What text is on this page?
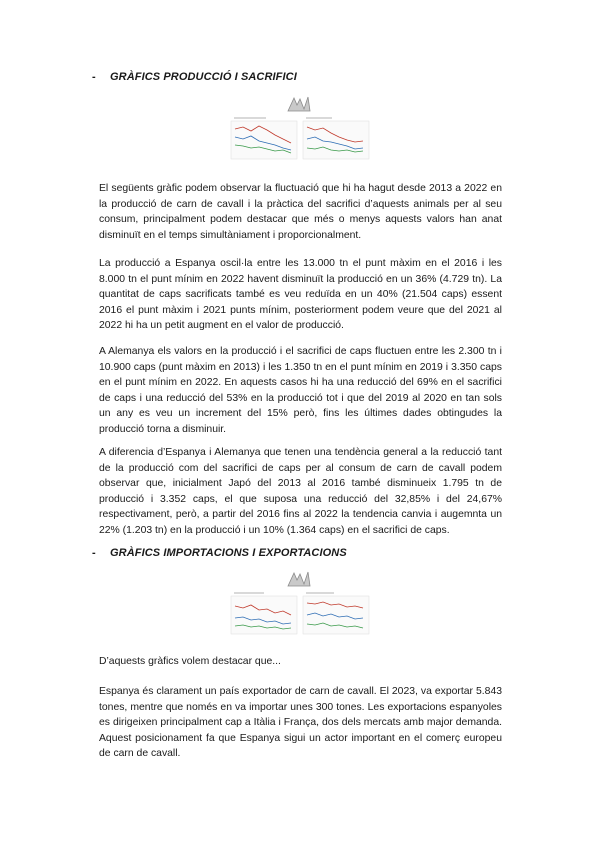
- GRÀFICS PRODUCCIÓ I SACRIFICI

El següents gràfic podem observar la fluctuació que hi ha hagut desde 2013 a 2022 en la producció de carn de cavall i la pràctica del sacrifici d’aquests animals per al seu consum, principalment podem destacar que més o menys aquests valors han anat disminuït en el temps simultàniament i proporcionalment.

La producció a Espanya oscil·la entre les 13.000 tn el punt màxim en el 2016 i les 8.000 tn el punt mínim en 2022 havent disminuït la producció en un 36% (4.729 tn). La quantitat de caps sacrificats també es veu reduïda en un 40% (21.504 caps) essent 2016 el punt màxim i 2021 punts mínim, posteriorment podem veure que del 2021 al 2022 hi ha un petit augment en el valor de producció.

A Alemanya els valors en la producció i el sacrifici de caps fluctuen entre les 2.300 tn i 10.900 caps (punt màxim en 2013) i les 1.350 tn en el punt mínim en 2019 i 3.350 caps en el punt mínim en 2022. En aquests casos hi ha una reducció del 69% en el sacrifici de caps i una reducció del 53% en la producció tot i que del 2019 al 2020 en tan sols un any es veu un increment del 15% però, fins les últimes dades obtingudes la producció torna a disminuir.

A diferencia d’Espanya i Alemanya que tenen una tendència general a la reducció tant de la producció com del sacrifici de caps per al consum de carn de cavall podem observar que, inicialment Japó del 2013 al 2016 també disminueix 1.795 tn de producció i 3.352 caps, el que suposa una reducció del 32,85% i del 24,67% respectivament, però, a partir del 2016 fins al 2022 la tendencia canvia i augemnta un 22% (1.203 tn) en la producció i un 10% (1.364 caps) en el sacrifici de caps.

- GRÀFICS IMPORTACIONS I EXPORTACIONS

D’aquests gràfics volem destacar que...

Espanya és clarament un país exportador de carn de cavall. El 2023, va exportar 5.843 tones, mentre que només en va importar unes 300 tones. Les exportacions espanyoles es dirigeixen principalment cap a Itàlia i França, dos dels mercats amb major demanda. Aquest posicionament fa que Espanya sigui un actor important en el comerç europeu de carn de cavall.
